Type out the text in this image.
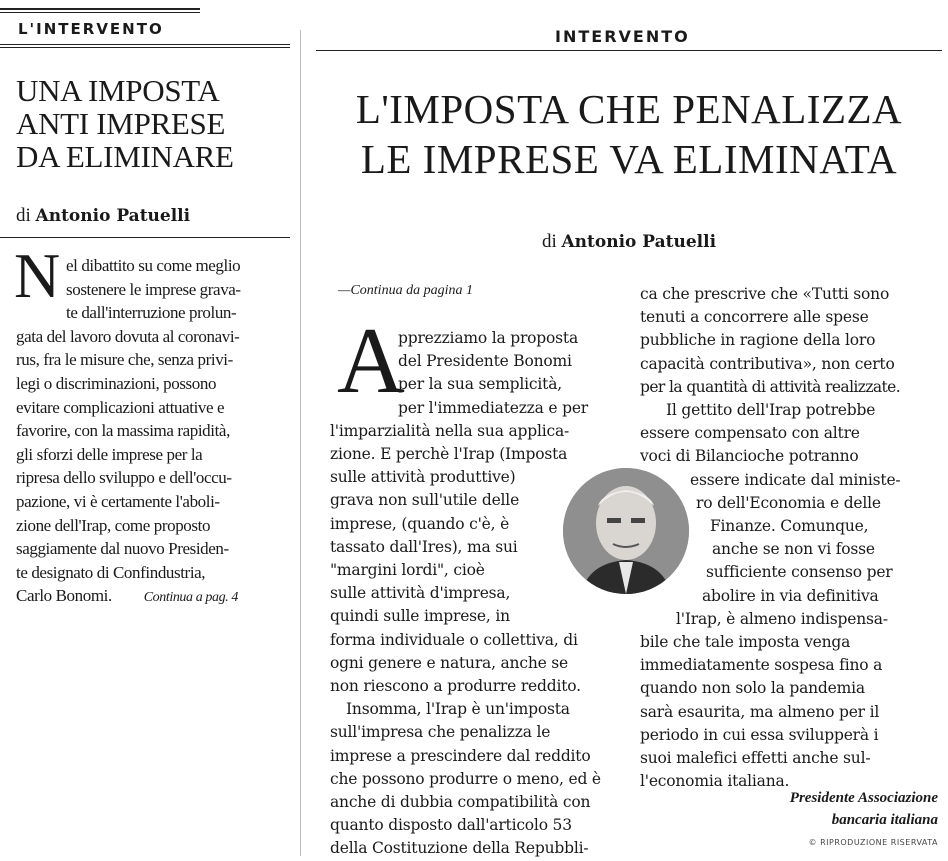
L'INTERVENTO
UNA IMPOSTA
ANTI IMPRESE
DA ELIMINARE
di Antonio Patuelli
N el dibattito su come meglio

sostenere le imprese grava-

te dall'interruzione prolun-

gata del lavoro dovuta al coronavi-

rus, fra le misure che, senza privi-

legi o discriminazioni, possono

evitare complicazioni attuative e

favorire, con la massima rapidità,

gli sforzi delle imprese per la

ripresa dello sviluppo e dell'occu-

pazione, vi è certamente l'aboli-

zione dell'Irap, come proposto

saggiamente dal nuovo Presiden-

te designato di Confindustria,

Carlo Bonomi. Continua a pag. 4

INTERVENTO
L'IMPOSTA CHE PENALIZZA
LE IMPRESE VA ELIMINATA
di Antonio Patuelli
—Continua da pagina 1
A

pprezziamo la proposta

del Presidente Bonomi

per la sua semplicità,

per l'immediatezza e per

l'imparzialità nella sua applica-

zione. E perchè l'Irap (Imposta

sulle attività produttive)

grava non sull'utile delle

imprese, (quando c'è, è

tassato dall'Ires), ma sui

"margini lordi", cioè

sulle attività d'impresa,

quindi sulle imprese, in

forma individuale o collettiva, di

ogni genere e natura, anche se

non riescono a produrre reddito.

Insomma, l'Irap è un'imposta

sull'impresa che penalizza le

imprese a prescindere dal reddito

che possono produrre o meno, ed è

anche di dubbia compatibilità con

quanto disposto dall'articolo 53

della Costituzione della Repubbli-

ca che prescrive che «Tutti sono

tenuti a concorrere alle spese

pubbliche in ragione della loro

capacità contributiva», non certo

per la quantità di attività realizzate.

Il gettito dell'Irap potrebbe

essere compensato con altre

voci di Bilancioche potranno

essere indicate dal ministe-

ro dell'Economia e delle

Finanze. Comunque,

anche se non vi fosse

sufficiente consenso per

abolire in via definitiva

l'Irap, è almeno indispensa-

bile che tale imposta venga

immediatamente sospesa fino a

quando non solo la pandemia

sarà esaurita, ma almeno per il

periodo in cui essa svilupperà i

suoi malefici effetti anche sul-

l'economia italiana.

Presidente Associazione
bancaria italiana
© RIPRODUZIONE RISERVATA
